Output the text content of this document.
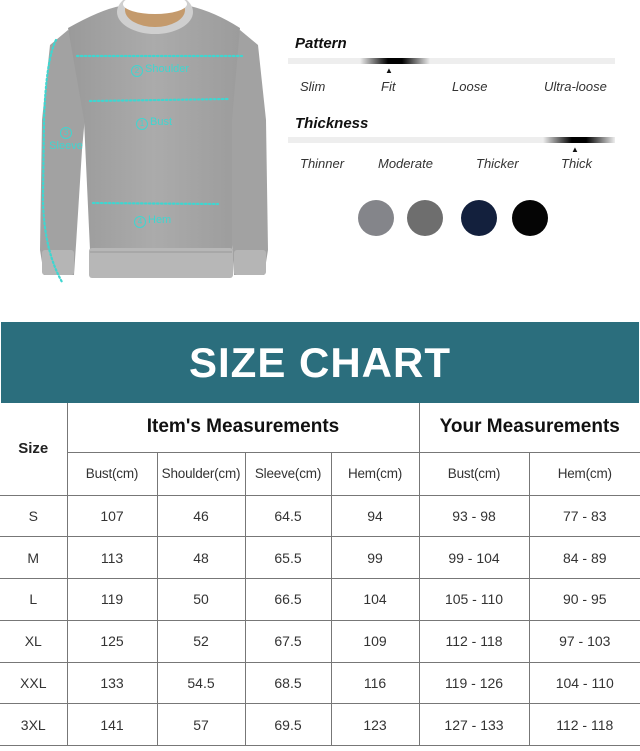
2 Shoulder
1 Bust
3
Sleeve
4 Hem
Pattern
▲
Slim	Fit	Loose	Ultra-loose
Thickness
▲
Thinner	Moderate	Thicker	Thick
SIZE CHART
Size	Item's Measurements				Your Measurements	
	Bust(cm)	Shoulder(cm)	Sleeve(cm)	Hem(cm)	Bust(cm)	Hem(cm)
S	107	46	64.5	94	93 - 98	77 - 83
M	113	48	65.5	99	99 - 104	84 - 89
L	119	50	66.5	104	105 - 110	90 - 95
XL	125	52	67.5	109	112 - 118	97 - 103
XXL	133	54.5	68.5	116	119 - 126	104 - 110
3XL	141	57	69.5	123	127 - 133	112 - 118
